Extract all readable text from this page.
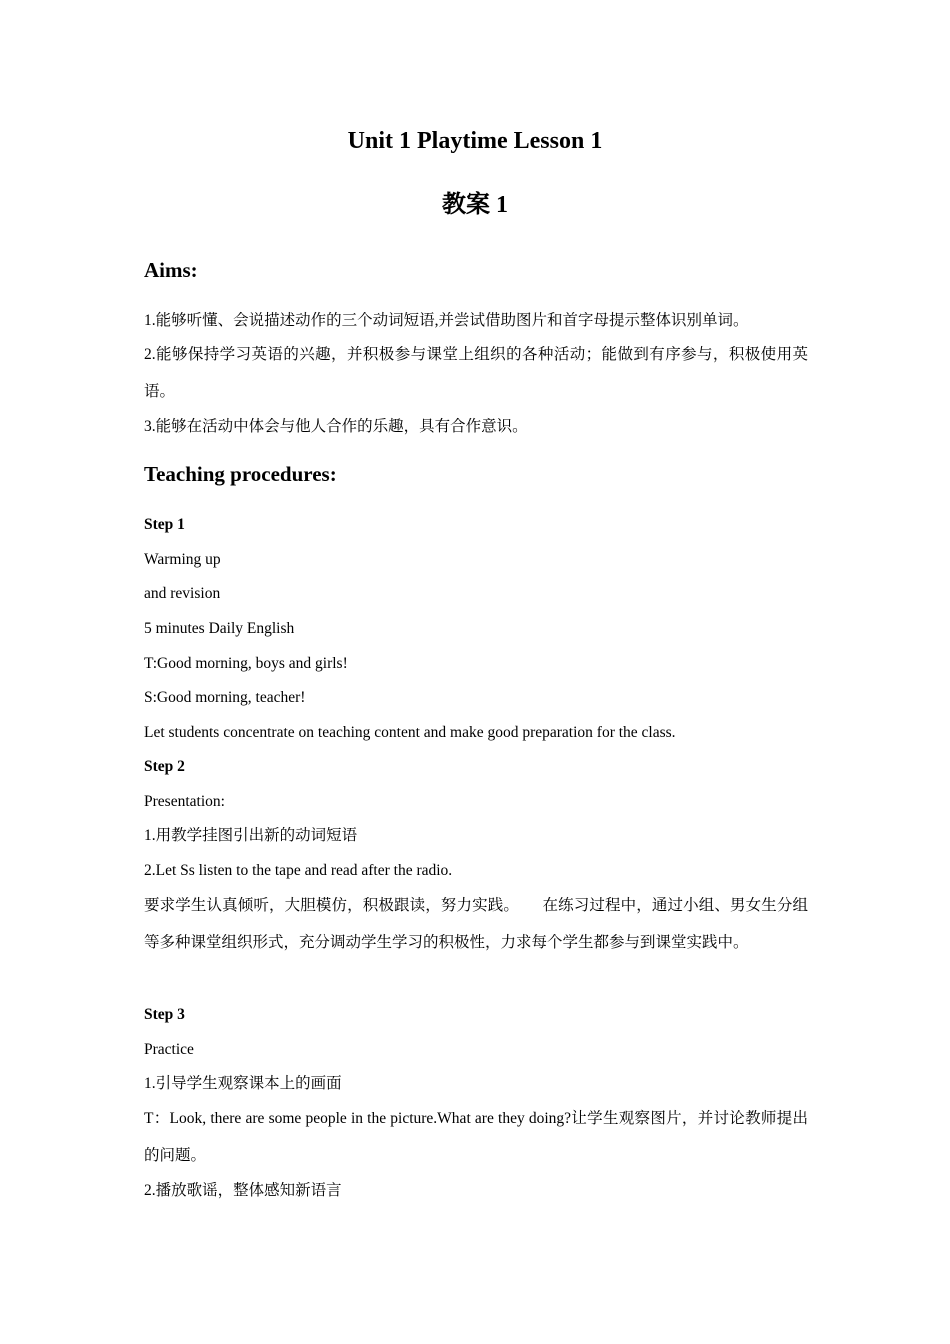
Unit 1 Playtime Lesson 1
教案 1
Aims:

1.能够听懂、会说描述动作的三个动词短语,并尝试借助图片和首字母提示整体识别单词。

2.能够保持学习英语的兴趣，并积极参与课堂上组织的各种活动；能做到有序参与，积极使用英语。

3.能够在活动中体会与他人合作的乐趣，具有合作意识。

Teaching procedures:

Step 1

Warming up

and revision

5 minutes Daily English

T:Good morning, boys and girls!

S:Good morning, teacher!

Let students concentrate on teaching content and make good preparation for the class.

Step 2

Presentation:

1.用教学挂图引出新的动词短语

2.Let Ss listen to the tape and read after the radio.

要求学生认真倾听，大胆模仿，积极跟读，努力实践。　　在练习过程中，通过小组、男女生分组等多种课堂组织形式，充分调动学生学习的积极性，力求每个学生都参与到课堂实践中。

Step 3

Practice

1.引导学生观察课本上的画面

T：Look, there are some people in the picture.What are they doing?让学生观察图片，并讨论教师提出的问题。

2.播放歌谣，整体感知新语言
